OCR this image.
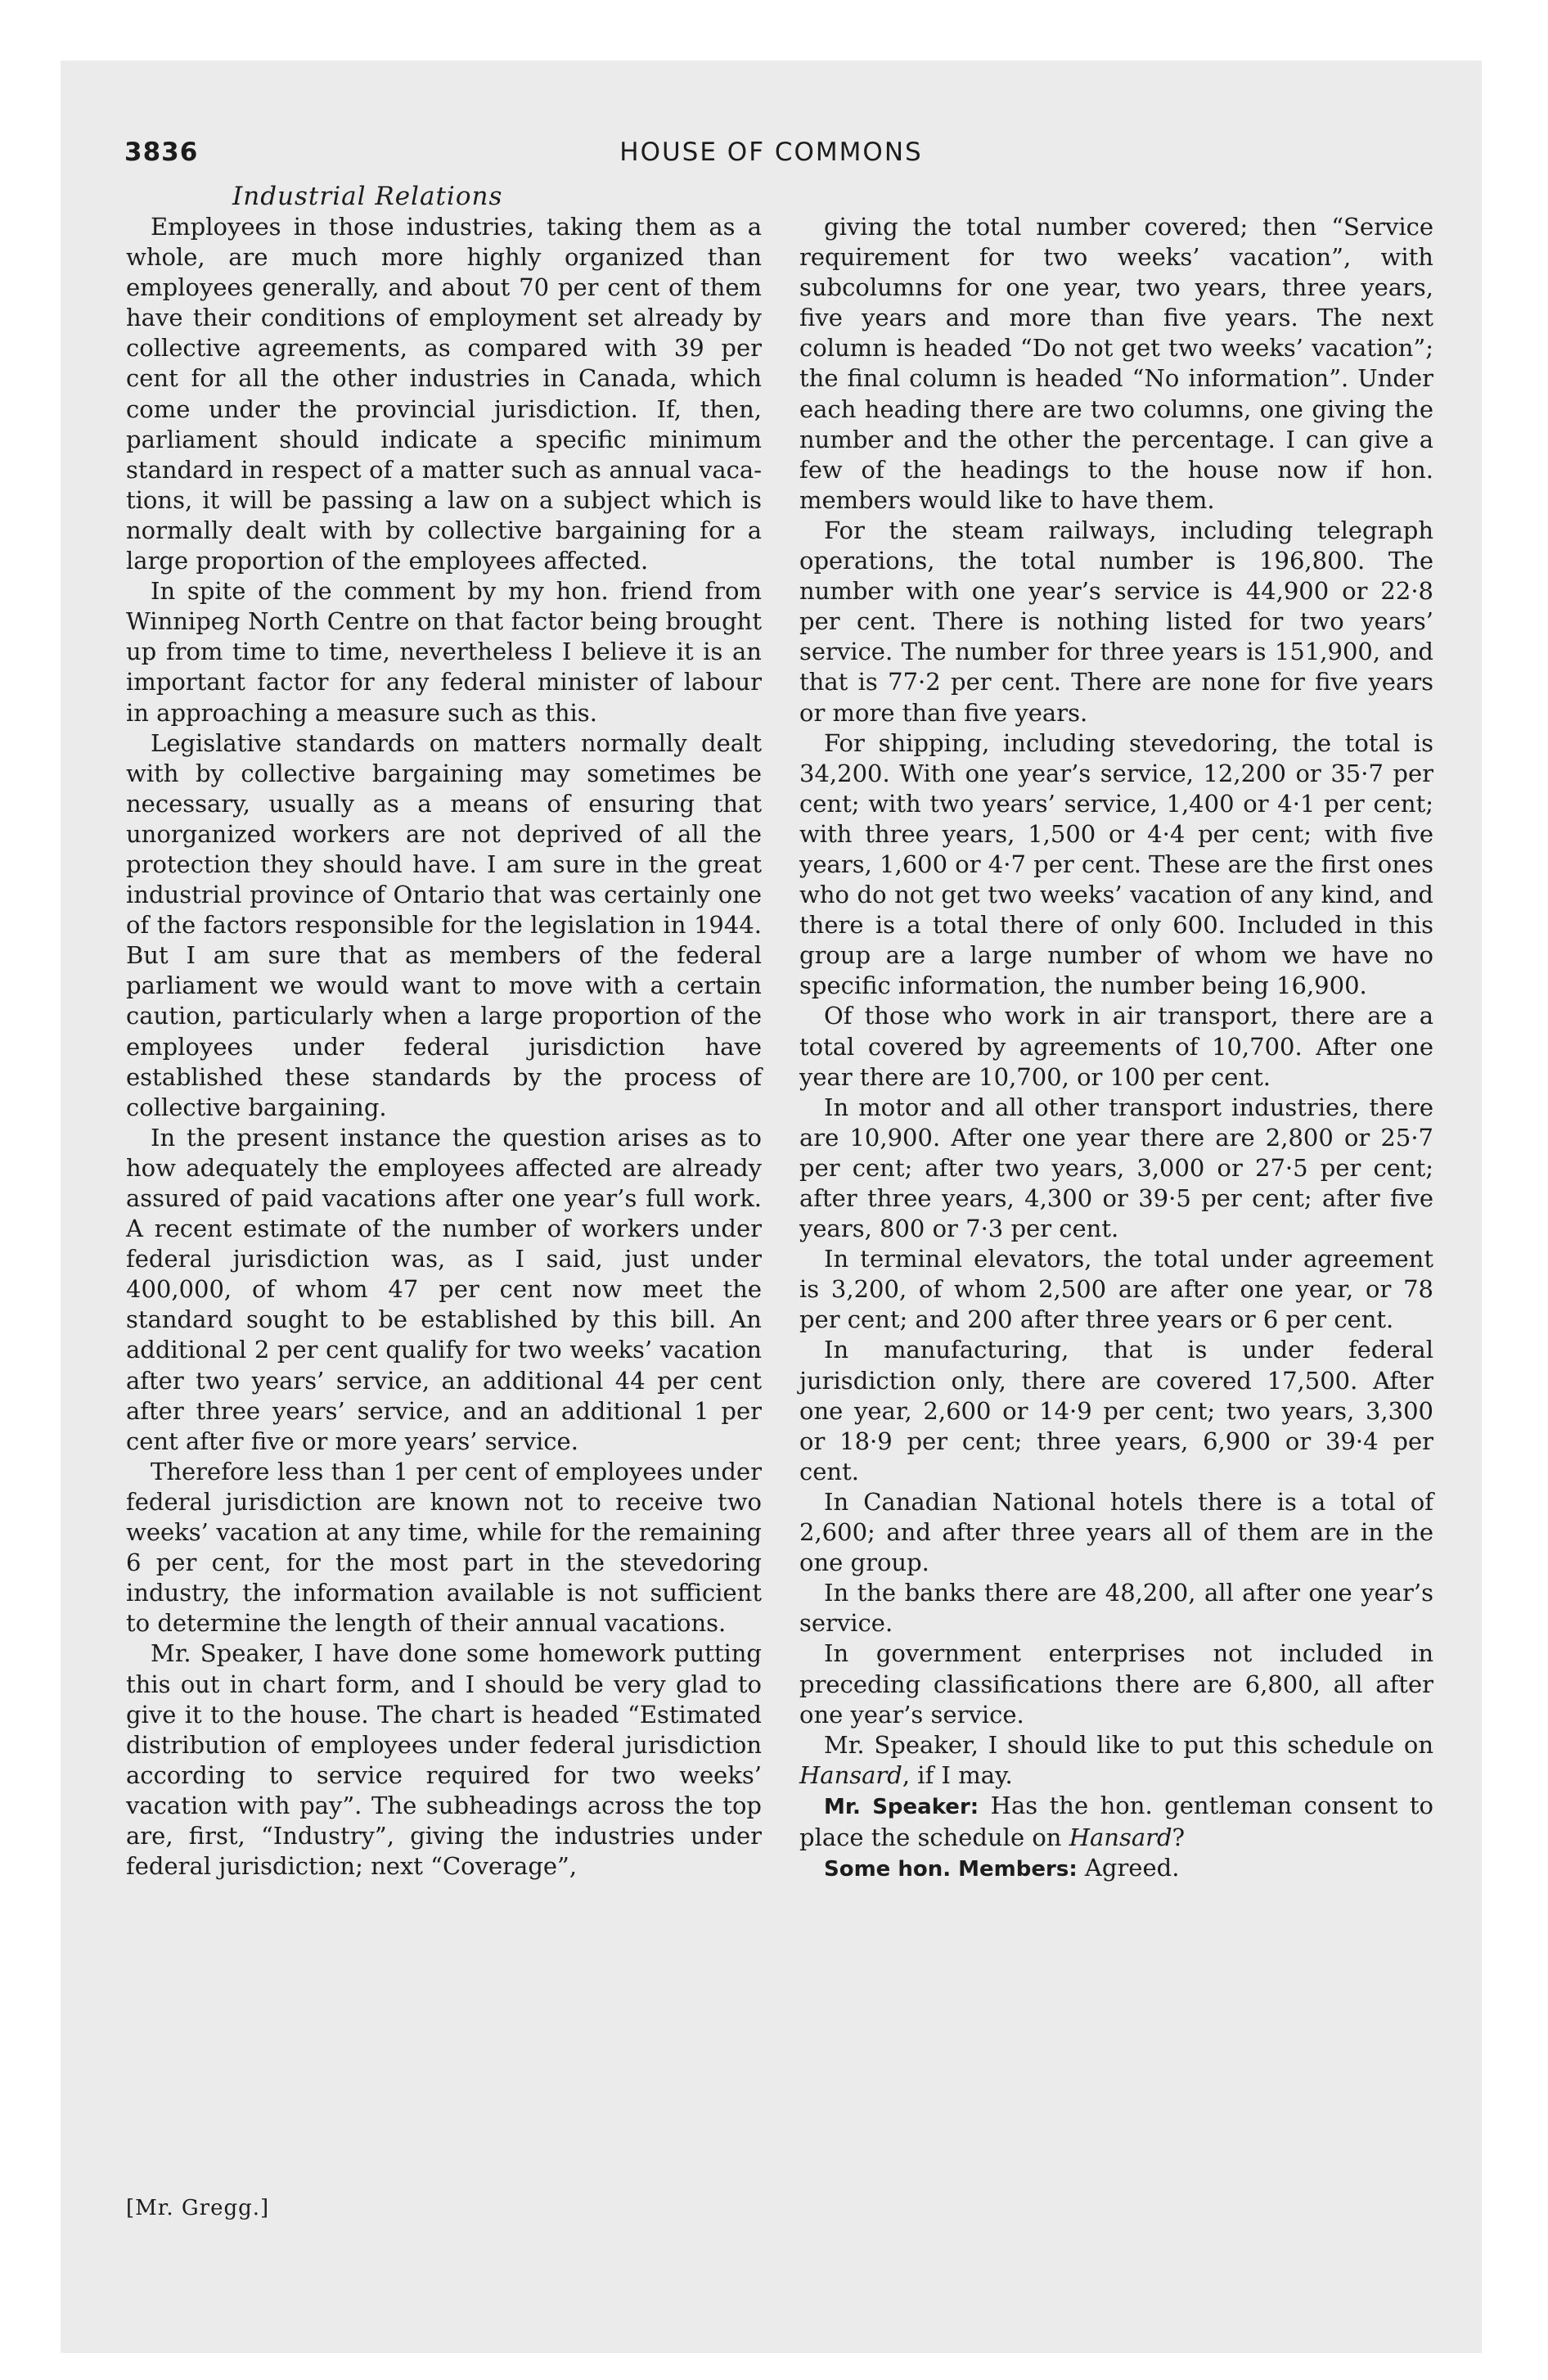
3836	HOUSE OF COMMONS
Industrial Relations

Employees in those industries, taking them as a whole, are much more highly organized than employees generally, and about 70 per cent of them have their conditions of employment set already by collective agreements, as compared with 39 per cent for all the other industries in Canada, which come under the provincial jurisdiction. If, then, parliament should indicate a specific minimum standard in respect of a matter such as annual vacations, it will be passing a law on a subject which is normally dealt with by collective bargaining for a large proportion of the employees affected.

In spite of the comment by my hon. friend from Winnipeg North Centre on that factor being brought up from time to time, nevertheless I believe it is an important factor for any federal minister of labour in approaching a measure such as this.

Legislative standards on matters normally dealt with by collective bargaining may sometimes be necessary, usually as a means of ensuring that unorganized workers are not deprived of all the protection they should have. I am sure in the great industrial province of Ontario that was certainly one of the factors responsible for the legislation in 1944. But I am sure that as members of the federal parliament we would want to move with a certain caution, particularly when a large proportion of the employees under federal jurisdiction have established these standards by the process of collective bargaining.

In the present instance the question arises as to how adequately the employees affected are already assured of paid vacations after one year’s full work. A recent estimate of the number of workers under federal jurisdiction was, as I said, just under 400,000, of whom 47 per cent now meet the standard sought to be established by this bill. An additional 2 per cent qualify for two weeks’ vacation after two years’ service, an additional 44 per cent after three years’ service, and an additional 1 per cent after five or more years’ service.

Therefore less than 1 per cent of employees under federal jurisdiction are known not to receive two weeks’ vacation at any time, while for the remaining 6 per cent, for the most part in the stevedoring industry, the information available is not sufficient to determine the length of their annual vacations.

Mr. Speaker, I have done some homework putting this out in chart form, and I should be very glad to give it to the house. The chart is headed “Estimated distribution of employees under federal jurisdiction according to service required for two weeks’ vacation with pay”. The subheadings across the top are, first, “Industry”, giving the industries under federal jurisdiction; next “Coverage”,

giving the total number covered; then “Service requirement for two weeks’ vacation”, with subcolumns for one year, two years, three years, five years and more than five years. The next column is headed “Do not get two weeks’ vacation”; the final column is headed “No information”. Under each heading there are two columns, one giving the number and the other the percentage. I can give a few of the headings to the house now if hon. members would like to have them.

For the steam railways, including telegraph operations, the total number is 196,800. The number with one year’s service is 44,900 or 22·8 per cent. There is nothing listed for two years’ service. The number for three years is 151,900, and that is 77·2 per cent. There are none for five years or more than five years.

For shipping, including stevedoring, the total is 34,200. With one year’s service, 12,200 or 35·7 per cent; with two years’ service, 1,400 or 4·1 per cent; with three years, 1,500 or 4·4 per cent; with five years, 1,600 or 4·7 per cent. These are the first ones who do not get two weeks’ vacation of any kind, and there is a total there of only 600. Included in this group are a large number of whom we have no specific information, the number being 16,900.

Of those who work in air transport, there are a total covered by agreements of 10,700. After one year there are 10,700, or 100 per cent.

In motor and all other transport industries, there are 10,900. After one year there are 2,800 or 25·7 per cent; after two years, 3,000 or 27·5 per cent; after three years, 4,300 or 39·5 per cent; after five years, 800 or 7·3 per cent.

In terminal elevators, the total under agreement is 3,200, of whom 2,500 are after one year, or 78 per cent; and 200 after three years or 6 per cent.

In manufacturing, that is under federal jurisdiction only, there are covered 17,500. After one year, 2,600 or 14·9 per cent; two years, 3,300 or 18·9 per cent; three years, 6,900 or 39·4 per cent.

In Canadian National hotels there is a total of 2,600; and after three years all of them are in the one group.

In the banks there are 48,200, all after one year’s service.

In government enterprises not included in preceding classifications there are 6,800, all after one year’s service.

Mr. Speaker, I should like to put this schedule on Hansard, if I may.

Mr. Speaker: Has the hon. gentleman consent to place the schedule on Hansard?

Some hon. Members: Agreed.

[Mr. Gregg.]
